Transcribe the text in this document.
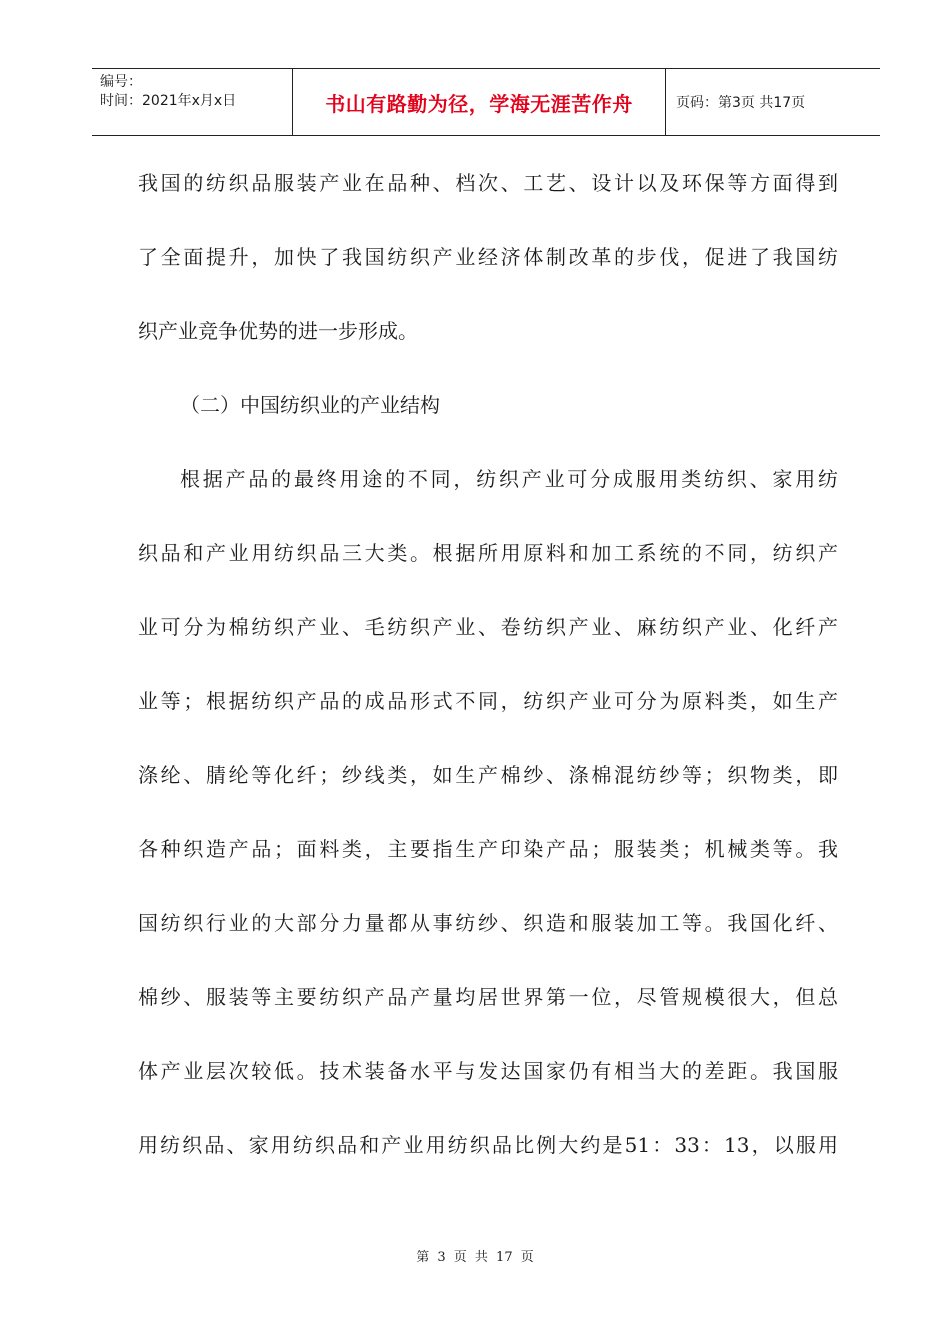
编号：
时间：2021年x月x日	书山有路勤为径，学海无涯苦作舟	页码：第3页 共17页
我国的纺织品服装产业在品种、档次、工艺、设计以及环保等方面得到
了全面提升，加快了我国纺织产业经济体制改革的步伐，促进了我国纺
织产业竞争优势的进一步形成。
（二）中国纺织业的产业结构
根据产品的最终用途的不同，纺织产业可分成服用类纺织、家用纺
织品和产业用纺织品三大类。根据所用原料和加工系统的不同，纺织产
业可分为棉纺织产业、毛纺织产业、卷纺织产业、麻纺织产业、化纤产
业等；根据纺织产品的成品形式不同，纺织产业可分为原料类，如生产
涤纶、腈纶等化纤；纱线类，如生产棉纱、涤棉混纺纱等；织物类，即
各种织造产品；面料类，主要指生产印染产品；服装类；机械类等。我
国纺织行业的大部分力量都从事纺纱、织造和服装加工等。我国化纤、
棉纱、服装等主要纺织产品产量均居世界第一位，尽管规模很大，但总
体产业层次较低。技术装备水平与发达国家仍有相当大的差距。我国服
用纺织品、家用纺织品和产业用纺织品比例大约是51：33：13，以服用
第 3 页 共 17 页
